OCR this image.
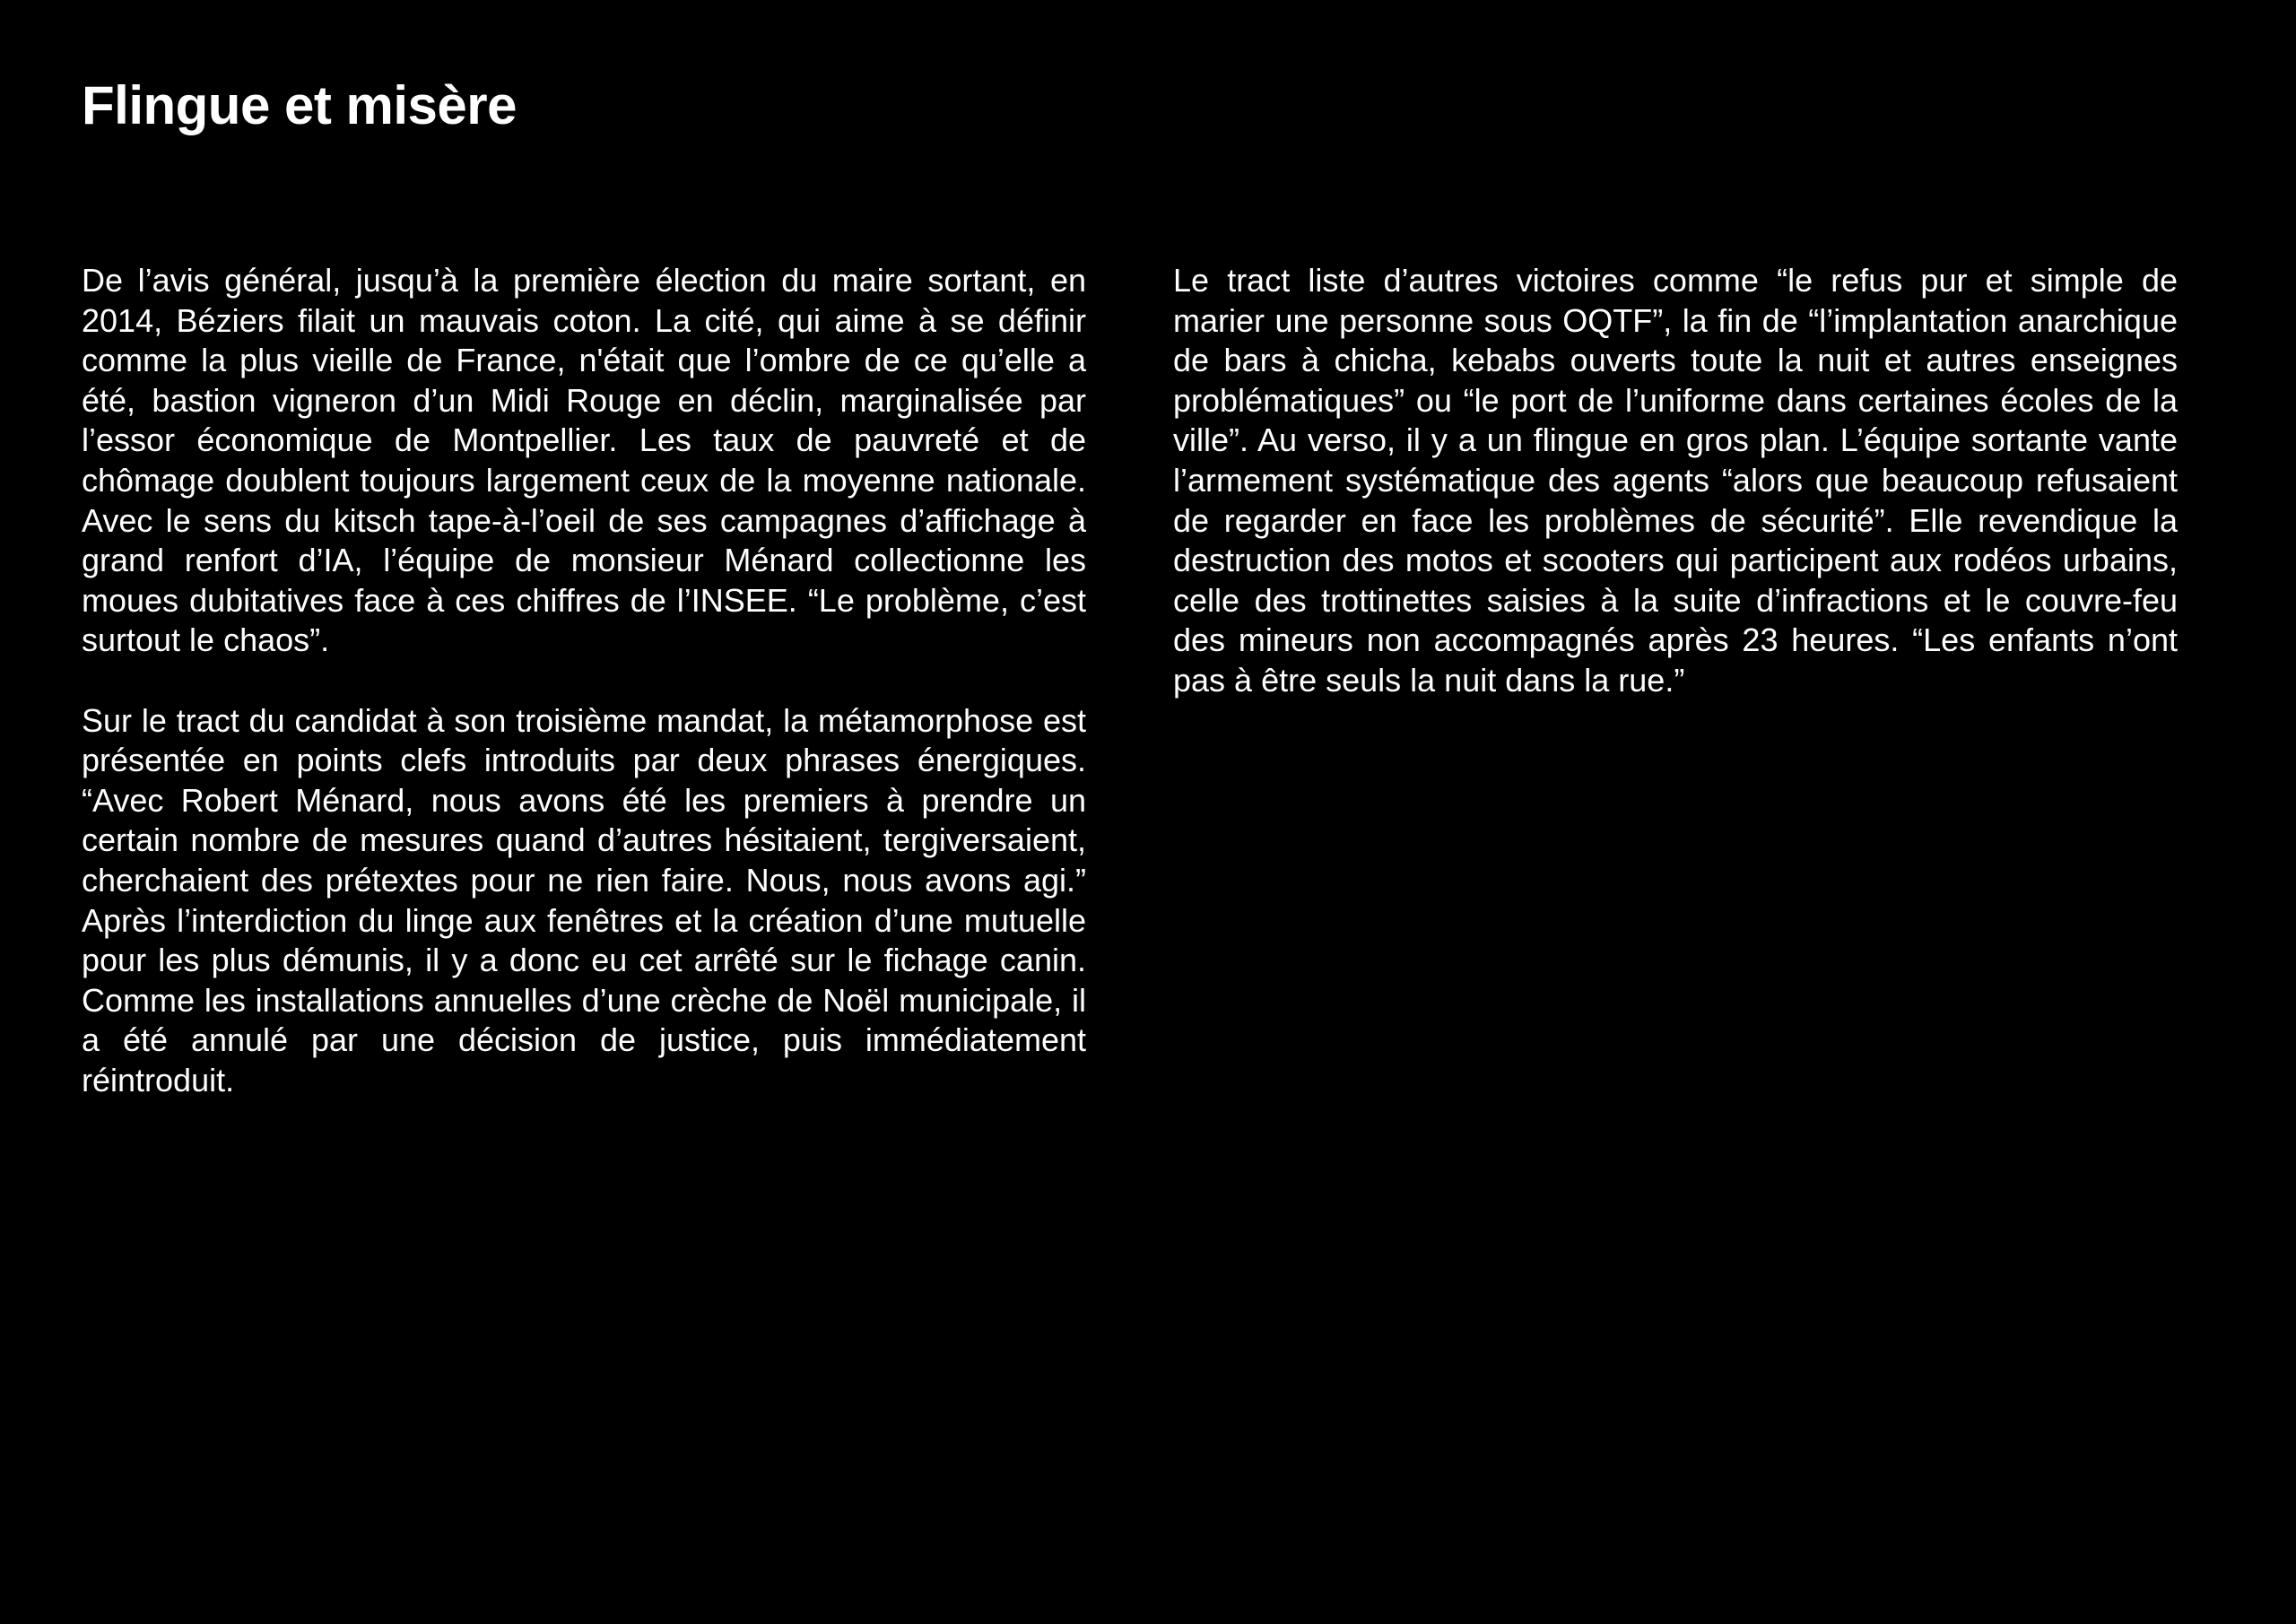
Flingue et misère

De l’avis général, jusqu’à la première élection du maire sortant, en 2014, Béziers filait un mauvais coton. La cité, qui aime à se définir comme la plus vieille de France, n'était que l’ombre de ce qu’elle a été, bastion vigneron d’un Midi Rouge en déclin, marginalisée par l’essor économique de Montpellier. Les taux de pauvreté et de chômage doublent toujours largement ceux de la moyenne nationale. Avec le sens du kitsch tape-à-l’oeil de ses campagnes d’affichage à grand renfort d’IA, l’équipe de monsieur Ménard collectionne les moues dubitatives face à ces chiffres de l’INSEE. “Le problème, c’est surtout le chaos”.

Sur le tract du candidat à son troisième mandat, la métamorphose est présentée en points clefs introduits par deux phrases énergiques. “Avec Robert Ménard, nous avons été les premiers à prendre un certain nombre de mesures quand d’autres hésitaient, tergiversaient, cherchaient des prétextes pour ne rien faire. Nous, nous avons agi.” Après l’interdiction du linge aux fenêtres et la création d’une mutuelle pour les plus démunis, il y a donc eu cet arrêté sur le fichage canin. Comme les installations annuelles d’une crèche de Noël municipale, il a été annulé par une décision de justice, puis immédiatement réintroduit.

Le tract liste d’autres victoires comme “le refus pur et simple de marier une personne sous OQTF”, la fin de “l’implantation anarchique de bars à chicha, kebabs ouverts toute la nuit et autres enseignes problématiques” ou “le port de l’uniforme dans certaines écoles de la ville”. Au verso, il y a un flingue en gros plan. L’équipe sortante vante l’armement systématique des agents “alors que beaucoup refusaient de regarder en face les problèmes de sécurité”. Elle revendique la destruction des motos et scooters qui participent aux rodéos urbains, celle des trottinettes saisies à la suite d’infractions et le couvre-feu des mineurs non accompagnés après 23 heures. “Les enfants n’ont pas à être seuls la nuit dans la rue.”
